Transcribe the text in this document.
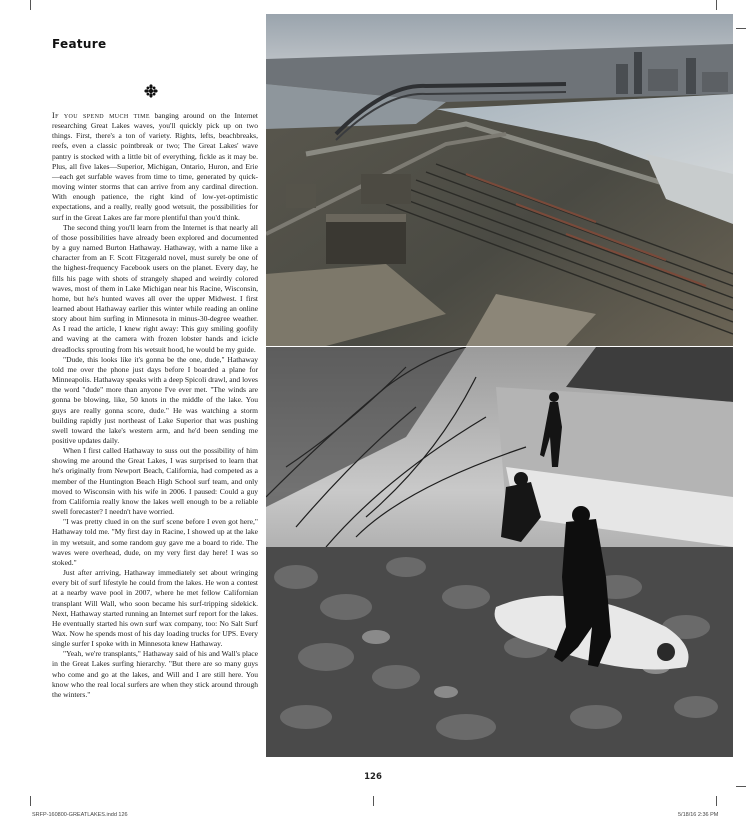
Feature

If you spend much time banging around on the Internet researching Great Lakes waves, you'll quickly pick up on two things. First, there's a ton of variety. Rights, lefts, beachbreaks, reefs, even a classic pointbreak or two; The Great Lakes' wave pantry is stocked with a little bit of everything, fickle as it may be. Plus, all five lakes—Superior, Michigan, Ontario, Huron, and Erie—each get surfable waves from time to time, generated by quick-moving winter storms that can arrive from any cardinal direction. With enough patience, the right kind of low-yet-optimistic expectations, and a really, really good wetsuit, the possibilities for surf in the Great Lakes are far more plentiful than you'd think.

The second thing you'll learn from the Internet is that nearly all of those possibilities have already been explored and documented by a guy named Burton Hathaway. Hathaway, with a name like a character from an F. Scott Fitzgerald novel, must surely be one of the highest-frequency Facebook users on the planet. Every day, he fills his page with shots of strangely shaped and weirdly colored waves, most of them in Lake Michigan near his Racine, Wisconsin, home, but he's hunted waves all over the upper Midwest. I first learned about Hathaway earlier this winter while reading an online story about him surfing in Minnesota in minus-30-degree weather. As I read the article, I knew right away: This guy smiling goofily and waving at the camera with frozen lobster hands and icicle dreadlocks sprouting from his wetsuit hood, he would be my guide.

"Dude, this looks like it's gonna be the one, dude," Hathaway told me over the phone just days before I boarded a plane for Minneapolis. Hathaway speaks with a deep Spicoli drawl, and loves the word "dude" more than anyone I've ever met. "The winds are gonna be blowing, like, 50 knots in the middle of the lake. You guys are really gonna score, dude." He was watching a storm building rapidly just northeast of Lake Superior that was pushing swell toward the lake's western arm, and he'd been sending me positive updates daily.

When I first called Hathaway to suss out the possibility of him showing me around the Great Lakes, I was surprised to learn that he's originally from Newport Beach, California, had competed as a member of the Huntington Beach High School surf team, and only moved to Wisconsin with his wife in 2006. I paused: Could a guy from California really know the lakes well enough to be a reliable swell forecaster? I needn't have worried.

"I was pretty clued in on the surf scene before I even got here," Hathaway told me. "My first day in Racine, I showed up at the lake in my wetsuit, and some random guy gave me a board to ride. The waves were overhead, dude, on my very first day here! I was so stoked."

Just after arriving, Hathaway immediately set about wringing every bit of surf lifestyle he could from the lakes. He won a contest at a nearby wave pool in 2007, where he met fellow Californian transplant Will Wall, who soon became his surf-tripping sidekick. Next, Hathaway started running an Internet surf report for the lakes. He eventually started his own surf wax company, too: No Salt Surf Wax. Now he spends most of his day loading trucks for UPS. Every single surfer I spoke with in Minnesota knew Hathaway.

"Yeah, we're transplants," Hathaway said of his and Wall's place in the Great Lakes surfing hierarchy. "But there are so many guys who come and go at the lakes, and Will and I are still here. You know who the real local surfers are when they stick around through the winters."

126
SRFP-160800-GREATLAKES.indd 126	5/18/16 2:36 PM
